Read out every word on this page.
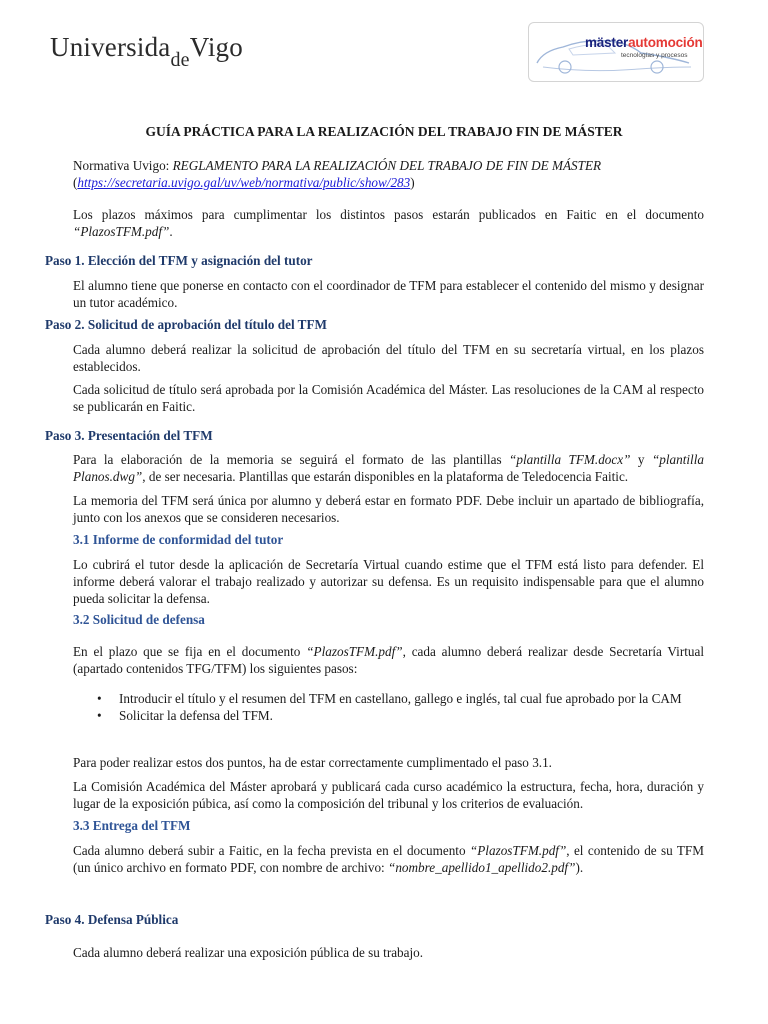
Universida$_{de}$Vigo	mästerautomoción
tecnologías y procesos

GUÍA PRÁCTICA PARA LA REALIZACIÓN DEL TRABAJO FIN DE MÁSTER

Normativa Uvigo: REGLAMENTO PARA LA REALIZACIÓN DEL TRABAJO DE FIN DE MÁSTER
(https://secretaria.uvigo.gal/uv/web/normativa/public/show/283)

Los plazos máximos para cumplimentar los distintos pasos estarán publicados en Faitic en el documento “PlazosTFM.pdf”.

Paso 1. Elección del TFM y asignación del tutor

El alumno tiene que ponerse en contacto con el coordinador de TFM para establecer el contenido del mismo y designar un tutor académico.

Paso 2. Solicitud de aprobación del título del TFM

Cada alumno deberá realizar la solicitud de aprobación del título del TFM en su secretaría virtual, en los plazos establecidos.

Cada solicitud de título será aprobada por la Comisión Académica del Máster. Las resoluciones de la CAM al respecto se publicarán en Faitic.

Paso 3. Presentación del TFM

Para la elaboración de la memoria se seguirá el formato de las plantillas “plantilla TFM.docx” y “plantilla Planos.dwg”, de ser necesaria. Plantillas que estarán disponibles en la plataforma de Teledocencia Faitic.

La memoria del TFM será única por alumno y deberá estar en formato PDF. Debe incluir un apartado de bibliografía, junto con los anexos que se consideren necesarios.

3.1 Informe de conformidad del tutor

Lo cubrirá el tutor desde la aplicación de Secretaría Virtual cuando estime que el TFM está listo para defender. El informe deberá valorar el trabajo realizado y autorizar su defensa. Es un requisito indispensable para que el alumno pueda solicitar la defensa.

3.2 Solicitud de defensa

En el plazo que se fija en el documento “PlazosTFM.pdf”, cada alumno deberá realizar desde Secretaría Virtual (apartado contenidos TFG/TFM) los siguientes pasos:

• Introducir el título y el resumen del TFM en castellano, gallego e inglés, tal cual fue aprobado por la CAM
• Solicitar la defensa del TFM.

Para poder realizar estos dos puntos, ha de estar correctamente cumplimentado el paso 3.1.

La Comisión Académica del Máster aprobará y publicará cada curso académico la estructura, fecha, hora, duración y lugar de la exposición púbica, así como la composición del tribunal y los criterios de evaluación.

3.3 Entrega del TFM

Cada alumno deberá subir a Faitic, en la fecha prevista en el documento “PlazosTFM.pdf”, el contenido de su TFM (un único archivo en formato PDF, con nombre de archivo: “nombre_apellido1_apellido2.pdf”).

Paso 4. Defensa Pública

Cada alumno deberá realizar una exposición pública de su trabajo.
